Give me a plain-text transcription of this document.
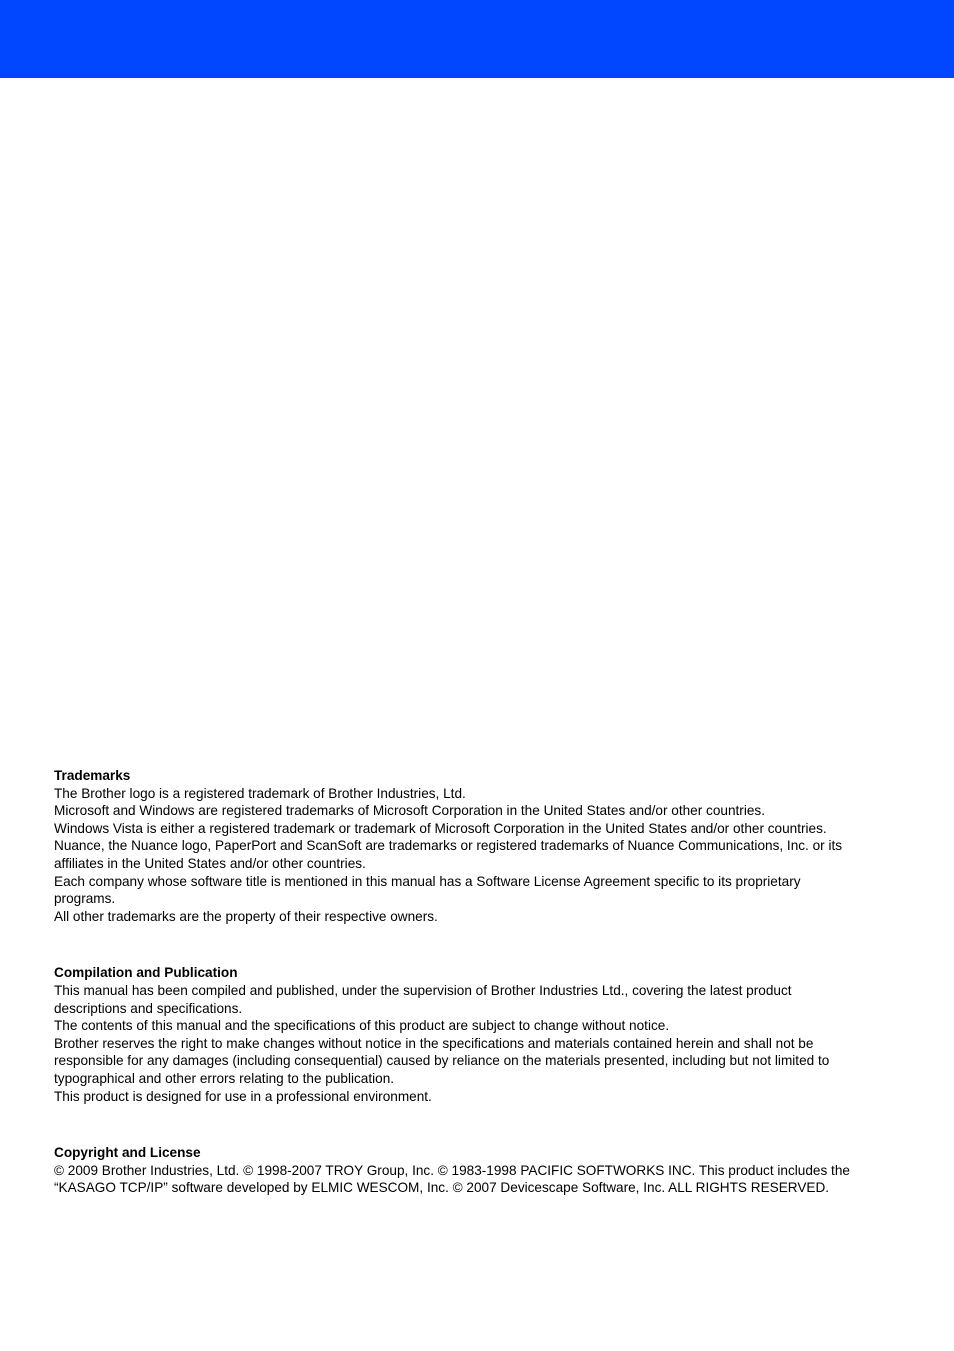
Trademarks
The Brother logo is a registered trademark of Brother Industries, Ltd.
Microsoft and Windows are registered trademarks of Microsoft Corporation in the United States and/or other countries.
Windows Vista is either a registered trademark or trademark of Microsoft Corporation in the United States and/or other countries.
Nuance, the Nuance logo, PaperPort and ScanSoft are trademarks or registered trademarks of Nuance Communications, Inc. or its affiliates in the United States and/or other countries.
Each company whose software title is mentioned in this manual has a Software License Agreement specific to its proprietary programs.
All other trademarks are the property of their respective owners.
Compilation and Publication
This manual has been compiled and published, under the supervision of Brother Industries Ltd., covering the latest product descriptions and specifications.
The contents of this manual and the specifications of this product are subject to change without notice.
Brother reserves the right to make changes without notice in the specifications and materials contained herein and shall not be responsible for any damages (including consequential) caused by reliance on the materials presented, including but not limited to typographical and other errors relating to the publication.
This product is designed for use in a professional environment.
Copyright and License
© 2009 Brother Industries, Ltd. © 1998-2007 TROY Group, Inc. © 1983-1998 PACIFIC SOFTWORKS INC. This product includes the “KASAGO TCP/IP” software developed by ELMIC WESCOM, Inc. © 2007 Devicescape Software, Inc. ALL RIGHTS RESERVED.
